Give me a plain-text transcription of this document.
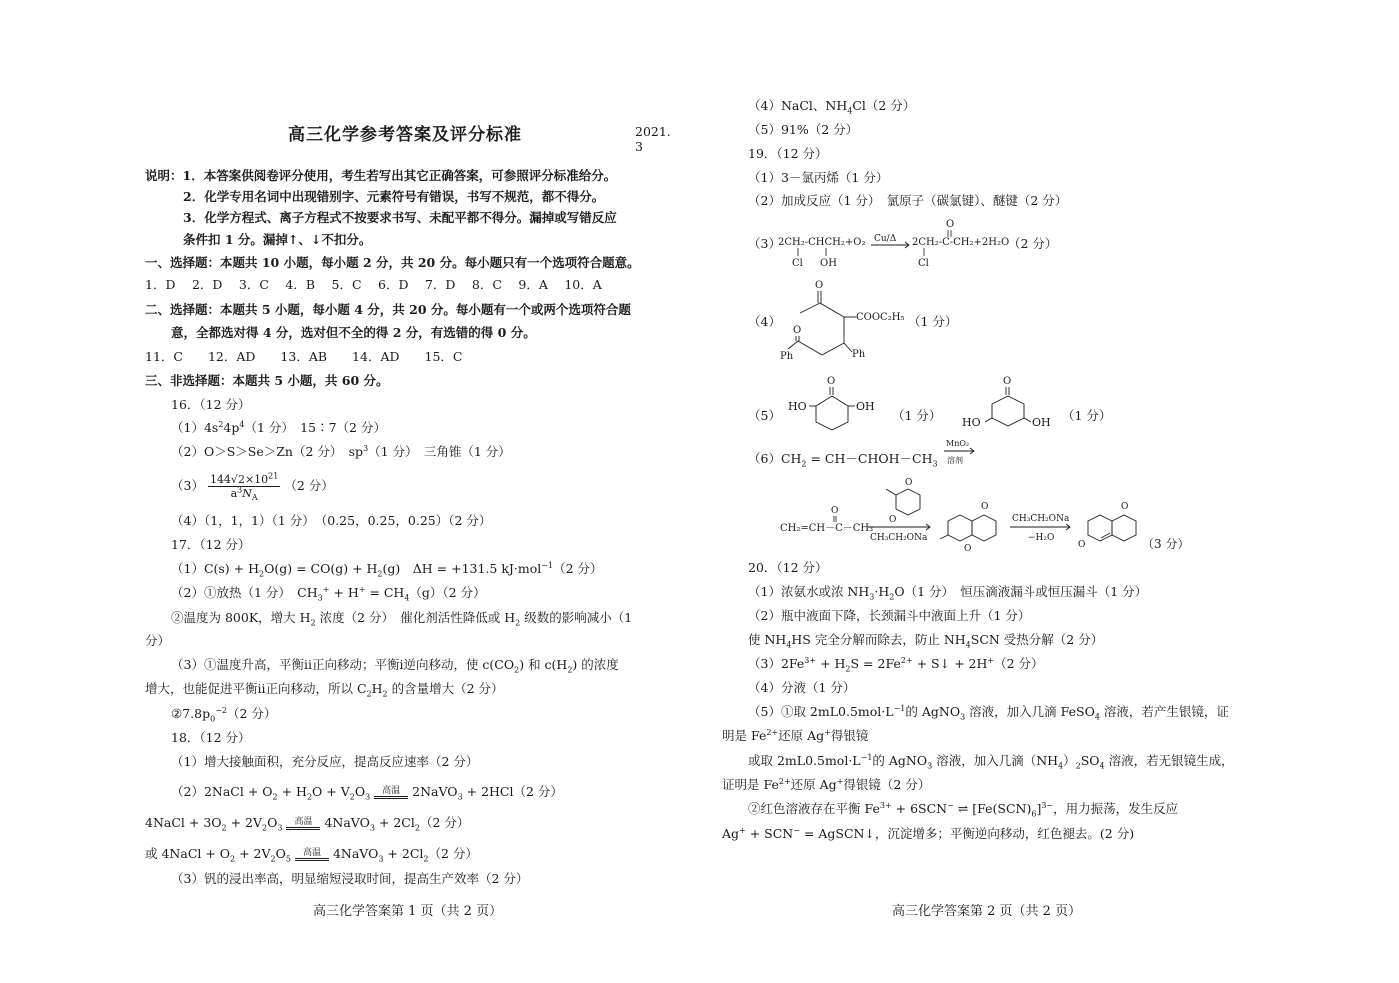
高三化学参考答案及评分标准	2021. 3
说明：1．本答案供阅卷评分使用，考生若写出其它正确答案，可参照评分标准给分。
2．化学专用名词中出现错别字、元素符号有错误，书写不规范，都不得分。
3．化学方程式、离子方程式不按要求书写、未配平都不得分。漏掉或写错反应
条件扣 1 分。漏掉↑、↓不扣分。
一、选择题：本题共 10 小题，每小题 2 分，共 20 分。每小题只有一个选项符合题意。
1．D　 2．D　 3．C　 4．B　 5．C　 6．D　 7．D　 8．C　 9．A　 10．A
二、选择题：本题共 5 小题，每小题 4 分，共 20 分。每小题有一个或两个选项符合题
意，全都选对得 4 分，选对但不全的得 2 分，有选错的得 0 分。
11．C　　12．AD　　13．AB　　14．AD　　15．C
三、非选择题：本题共 5 小题，共 60 分。
16．（12 分）
$(1)4s^24p^4(1$ 分）　15∶7（2 分）
（2）O＞S＞Se＞Zn（2 分）　$sp^3(1$ 分）　三角锥（1 分）
$(3) \frac{144√2\times 10^{21}}{a^3N_A} (2$ 分）
（4）（1，1，1）（1 分）　（0.25，0.25，0.25）（2 分）
17．（12 分）
$(1)C(s) + H_2O(g) = CO(g) + H_2(g)$　ΔH = +131.5 kJ·mol$^{-1}$（2 分）
（2）①放热（1 分）　$CH_3^+ + H^+ = CH_4(g)(2$ 分）
②温度为 800K，增大 $H_2$ 浓度（2 分）　催化剂活性降低或 $H_2$ 级数的影响减小（1
分）
（3）①温度升高，平衡ⅱ正向移动；平衡ⅰ逆向移动，使 $c(CO_2)$ 和 $c(H_2)$ 的浓度
增大，也能促进平衡ⅱ正向移动，所以 $C_2H_2$ 的含量增大（2 分）
$②7.8p_0^{-2}(2$ 分）
18．（12 分）
（1）增大接触面积，充分反应，提高反应速率（2 分）
（2）2NaCl + $O_2 + H_2O + V_2O_3$
高温 2NaVO$_3$ + 2HCl（2 分）
4NaCl + $3O_2 + 2V_2O_3$
高温 4NaVO$_3$ + $2Cl_2(2$ 分）
或 4NaCl + $O_2 + 2V_2O_5$
高温 4NaVO$_3$ + $2Cl_2(2$ 分）
（3）钒的浸出率高，明显缩短浸取时间，提高生产效率（2 分）
高三化学答案第 1 页（共 2 页）
（4）NaCl、$NH_4Cl(2$ 分）
（5）91%（2 分）
19．（12 分）
（1）3－氯丙烯（1 分）
（2）加成反应（1 分）　氯原子（碳氯键）、醚键（2 分）
（3）
2CH₂-CHCH₂+O₂
Cl OH
Cu/Δ 2CH₂-C-CH₂+2H₂O
O
Cl
（2 分）
（4）
O
COOC₂H₅
Ph
O
Ph
（1 分）
（5）
O
HO	OH
（1 分）
O
HO	OH （1 分）
$(6)CH_2$ = $CH-CHOH-CH_3$
MnO₂
溶剂
CH₂=CH－C－CH₃
O
O
O
CH₃CH₂ONa
O
O
CH₃CH₂ONa
−H₂O
O
O	（3 分）
20．（12 分）
（1）浓氨水或浓 $NH_3\cdot H_2O(1$ 分）　恒压滴液漏斗或恒压漏斗（1 分）
（2）瓶中液面下降，长颈漏斗中液面上升（1 分）
使 $NH_4HS$ 完全分解而除去，防止 $NH_4SCN$ 受热分解（2 分）
$(3)2Fe^{3+} + H_2S = 2Fe^{2+}$ + S↓ + 2H+（2 分）
（4）分液（1 分）
（5）①取 $2mL0.5mol\cdot L^{-1}$的 AgNO$_3$ 溶液，加入几滴 FeSO$_4$ 溶液，若产生银镜，证
明是 $Fe^{2+}$还原 Ag+得银镜
或取 $2mL0.5mol\cdot L^{-1}$的 AgNO$_3$ 溶液，加入几滴$(NH_4)_2SO_4$ 溶液，若无银镜生成，
证明是 $Fe^{2+}$还原 Ag+得银镜（2 分）
②红色溶液存在平衡 $Fe^{3+} + 6SCN^-$ ⇌ $[Fe(SCN)_6]^{3-}$，用力振荡，发生反应
Ag+ + SCN− = AgSCN↓，沉淀增多；平衡逆向移动，红色褪去。(2 分)
高三化学答案第 2 页（共 2 页）
